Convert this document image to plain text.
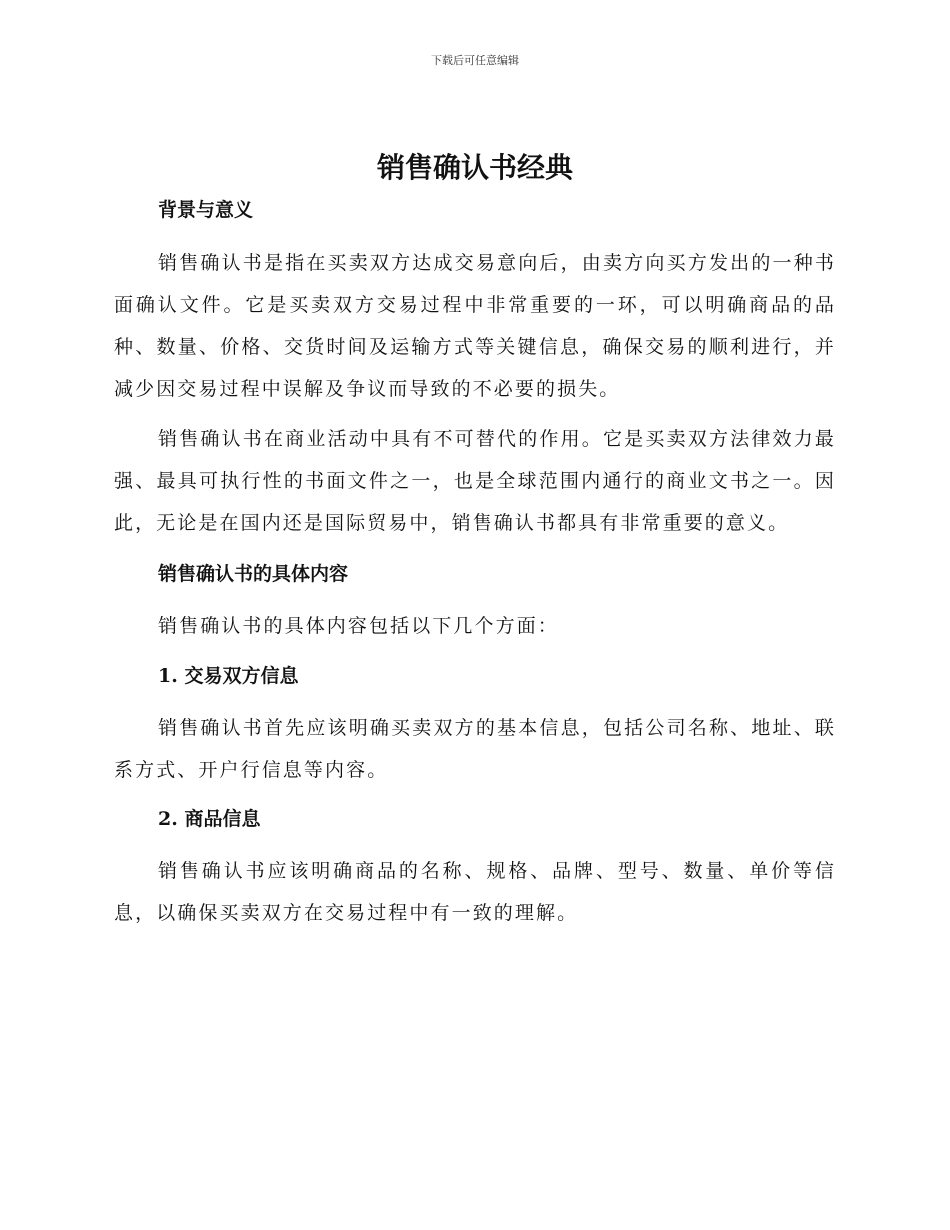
下载后可任意编辑
销售确认书经典
背景与意义

销售确认书是指在买卖双方达成交易意向后，由卖方向买方发出的一种书面确认文件。它是买卖双方交易过程中非常重要的一环，可以明确商品的品种、数量、价格、交货时间及运输方式等关键信息，确保交易的顺利进行，并减少因交易过程中误解及争议而导致的不必要的损失。

销售确认书在商业活动中具有不可替代的作用。它是买卖双方法律效力最强、最具可执行性的书面文件之一，也是全球范围内通行的商业文书之一。因此，无论是在国内还是国际贸易中，销售确认书都具有非常重要的意义。

销售确认书的具体内容

销售确认书的具体内容包括以下几个方面：

1. 交易双方信息

销售确认书首先应该明确买卖双方的基本信息，包括公司名称、地址、联系方式、开户行信息等内容。

2. 商品信息

销售确认书应该明确商品的名称、规格、品牌、型号、数量、单价等信息，以确保买卖双方在交易过程中有一致的理解。
